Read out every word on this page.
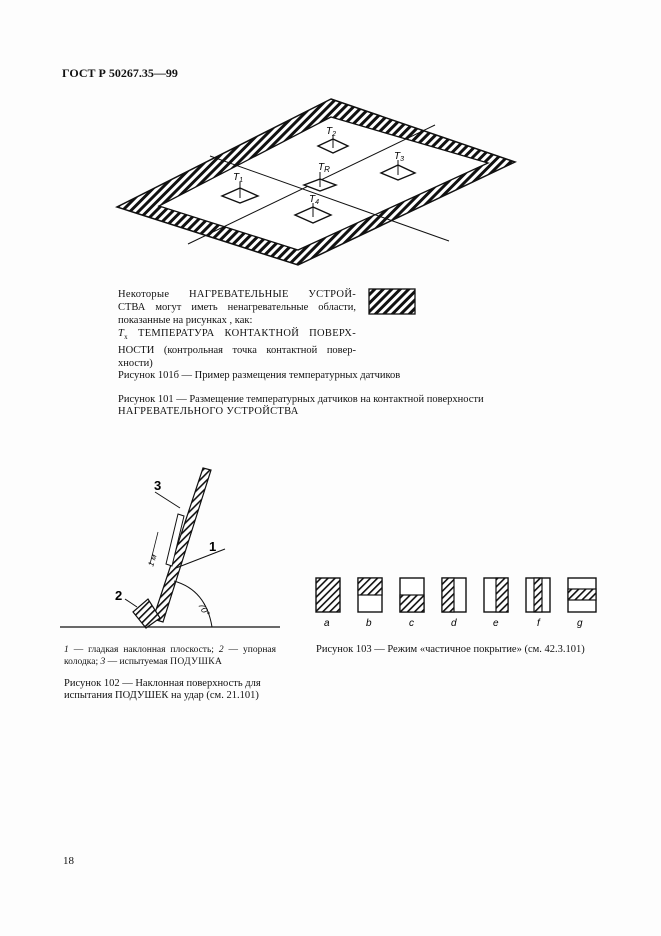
ГОСТ Р 50267.35—99
$T_2$
$T_1$
$T_3$
$T_R$
$T_4$
3
1
2
1 м
70°
a	b	c	d	e	f	g
Некоторые НАГРЕВАТЕЛЬНЫЕ УСТРОЙ-
СТВА могут иметь ненагревательные области,
показанные на рисунках , как:
$T_x$ ТЕМПЕРАТУРА КОНТАКТНОЙ ПОВЕРХ-
НОСТИ (контрольная точка контактной повер-
хности)
Рисунок 101б — Пример размещения температурных датчиков
Рисунок 101 — Размещение температурных датчиков на контактной поверхности
НАГРЕВАТЕЛЬНОГО УСТРОЙСТВА
1 — гладкая наклонная плоскость; 2 — упорная
колодка; 3 — испытуемая ПОДУШКА
Рисунок 102 — Наклонная поверхность для
испытания ПОДУШЕК на удар (см. 21.101)
Рисунок 103 — Режим «частичное покрытие» (см. 42.3.101)
18
